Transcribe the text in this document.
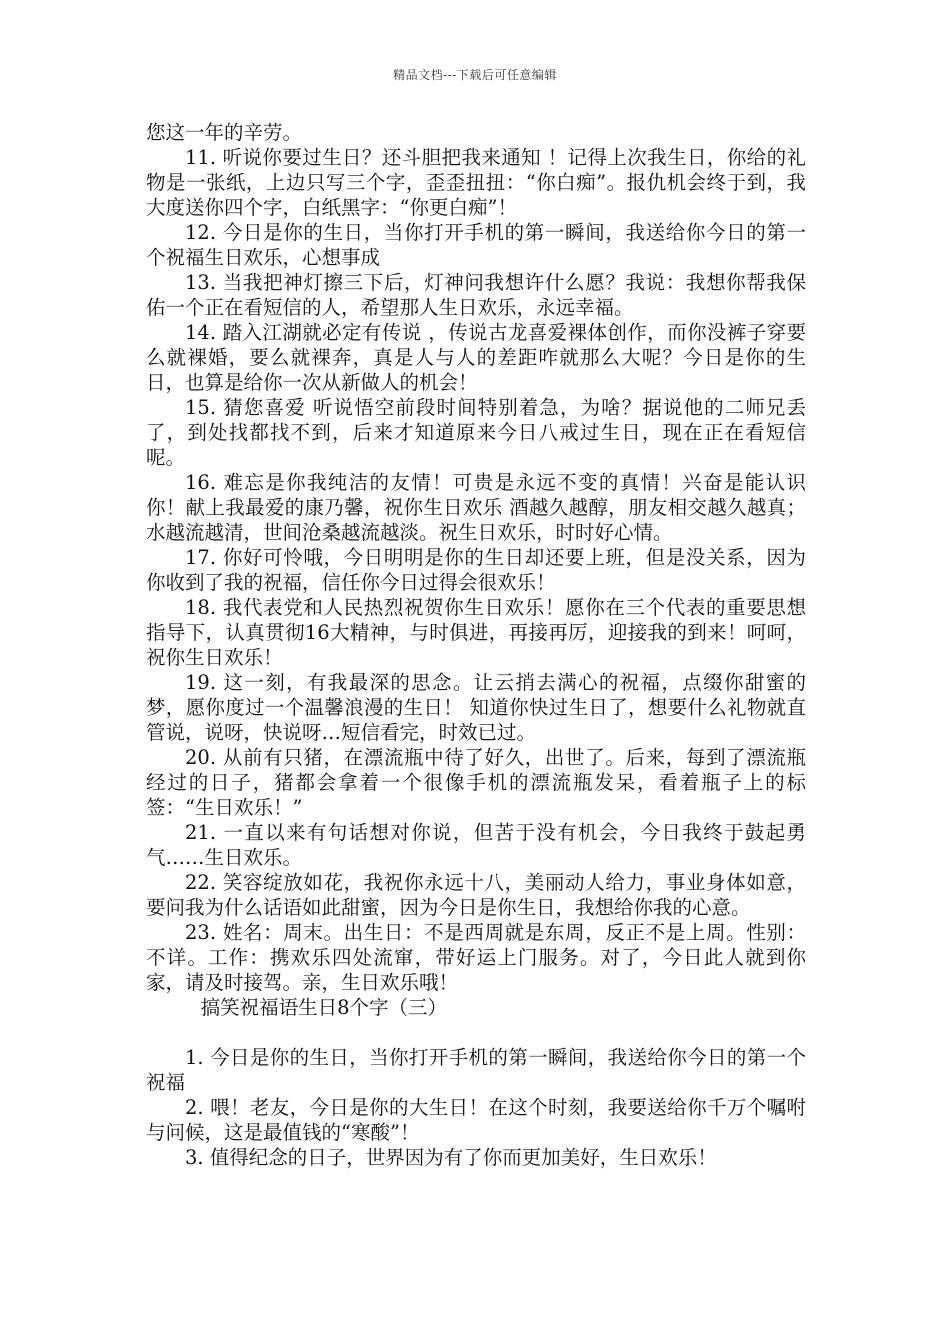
精品文档---下载后可任意编辑

您这一年的辛劳。

11. 听说你要过生日？还斗胆把我来通知 ！记得上次我生日，你给的礼物是一张纸，上边只写三个字，歪歪扭扭：“你白痴”。报仇机会终于到，我大度送你四个字，白纸黑字：“你更白痴”！

12. 今日是你的生日，当你打开手机的第一瞬间，我送给你今日的第一个祝福生日欢乐，心想事成

13. 当我把神灯擦三下后，灯神问我想许什么愿？我说：我想你帮我保佑一个正在看短信的人，希望那人生日欢乐，永远幸福。

14. 踏入江湖就必定有传说 ，传说古龙喜爱裸体创作，而你没裤子穿要么就裸婚，要么就裸奔，真是人与人的差距咋就那么大呢？今日是你的生日，也算是给你一次从新做人的机会！

15. 猜您喜爱 听说悟空前段时间特别着急，为啥？据说他的二师兄丢了，到处找都找不到，后来才知道原来今日八戒过生日，现在正在看短信呢。

16. 难忘是你我纯洁的友情！可贵是永远不变的真情！兴奋是能认识你！献上我最爱的康乃馨，祝你生日欢乐 酒越久越醇，朋友相交越久越真；水越流越清，世间沧桑越流越淡。祝生日欢乐，时时好心情。

17. 你好可怜哦，今日明明是你的生日却还要上班，但是没关系，因为你收到了我的祝福，信任你今日过得会很欢乐！

18. 我代表党和人民热烈祝贺你生日欢乐！愿你在三个代表的重要思想指导下，认真贯彻16大精神，与时俱进，再接再厉，迎接我的到来！呵呵，祝你生日欢乐！

19. 这一刻，有我最深的思念。让云捎去满心的祝福，点缀你甜蜜的梦，愿你度过一个温馨浪漫的生日！ 知道你快过生日了，想要什么礼物就直管说，说呀，快说呀…短信看完，时效已过。

20. 从前有只猪，在漂流瓶中待了好久，出世了。后来，每到了漂流瓶经过的日子，猪都会拿着一个很像手机的漂流瓶发呆，看着瓶子上的标签：“生日欢乐！”

21. 一直以来有句话想对你说，但苦于没有机会，今日我终于鼓起勇气……生日欢乐。

22. 笑容绽放如花，我祝你永远十八，美丽动人给力，事业身体如意，要问我为什么话语如此甜蜜，因为今日是你生日，我想给你我的心意。

23. 姓名：周末。出生日：不是西周就是东周，反正不是上周。性别：不详。工作：携欢乐四处流窜，带好运上门服务。对了，今日此人就到你家，请及时接驾。亲，生日欢乐哦！

搞笑祝福语生日8个字（三）

1. 今日是你的生日，当你打开手机的第一瞬间，我送给你今日的第一个祝福

2. 喂！老友，今日是你的大生日！在这个时刻，我要送给你千万个嘱咐与问候，这是最值钱的“寒酸”！

3. 值得纪念的日子，世界因为有了你而更加美好，生日欢乐！
